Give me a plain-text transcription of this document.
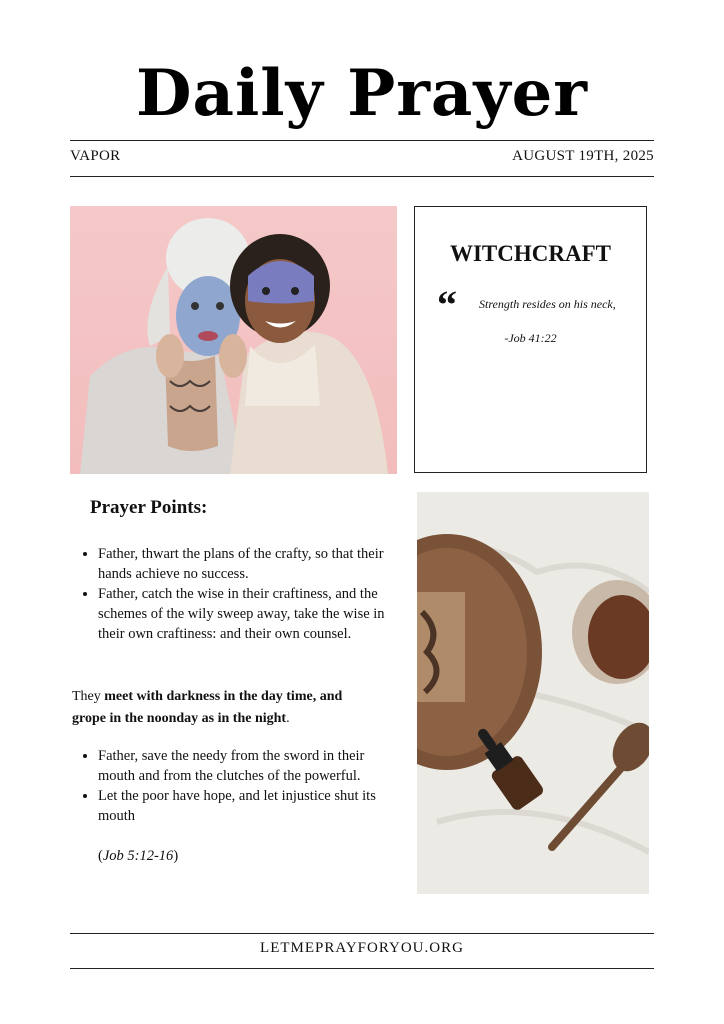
Daily Prayer
VAPOR	AUGUST 19TH, 2025
WITCHCRAFT
“ Strength resides on his neck,
-Job 41:22
Prayer Points:
• Father, thwart the plans of the crafty, so that their hands achieve no success.
• Father, catch the wise in their craftiness, and the schemes of the wily sweep away, take the wise in their own craftiness: and their own counsel.
They meet with darkness in the day time, and grope in the noonday as in the night.
• Father, save the needy from the sword in their mouth and from the clutches of the powerful.
• Let the poor have hope, and let injustice shut its mouth
(Job 5:12-16)
LETMEPRAYFORYOU.ORG
